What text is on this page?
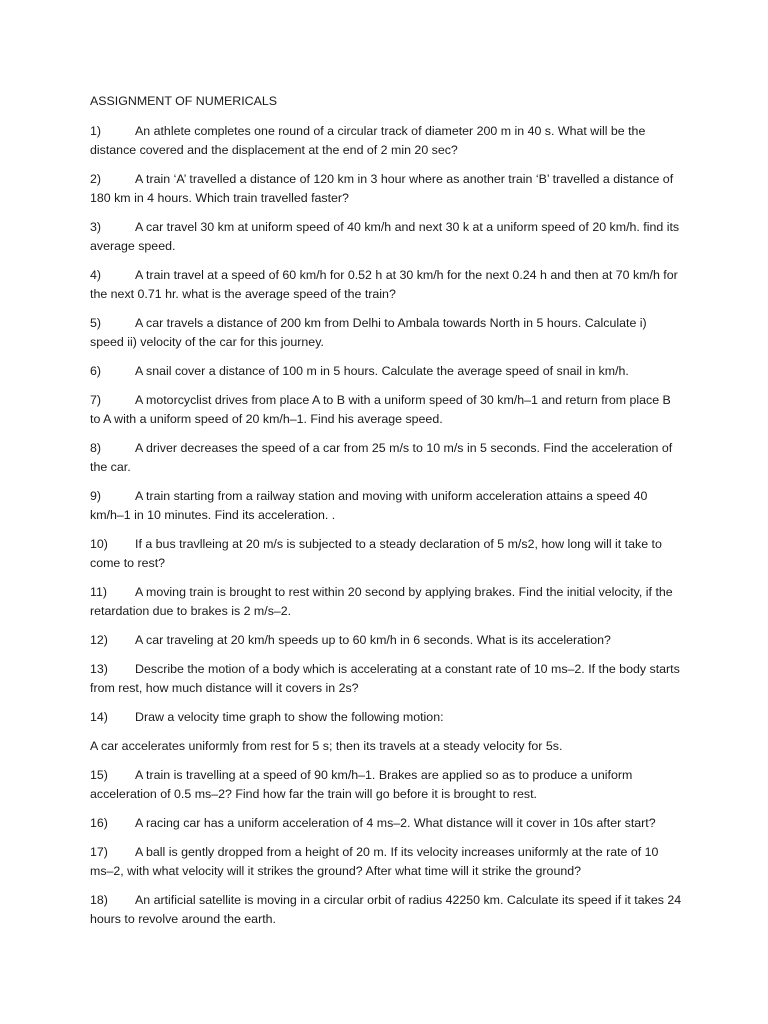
ASSIGNMENT OF NUMERICALS
1)	An athlete completes one round of a circular track of diameter 200 m in 40 s. What will be the distance covered and the displacement at the end of 2 min 20 sec?
2)	A train ‘A’ travelled a distance of 120 km in 3 hour where as another train ‘B’ travelled a distance of 180 km in 4 hours. Which train travelled faster?
3)	A car travel 30 km at uniform speed of 40 km/h and next 30 k at a uniform speed of 20 km/h. find its average speed.
4)	A train travel at a speed of 60 km/h for 0.52 h at 30 km/h for the next 0.24 h and then at 70 km/h for the next 0.71 hr. what is the average speed of the train?
5)	A car travels a distance of 200 km from Delhi to Ambala towards North in 5 hours. Calculate i) speed ii) velocity of the car for this journey.
6)	A snail cover a distance of 100 m in 5 hours. Calculate the average speed of snail in km/h.
7)	A motorcyclist drives from place A to B with a uniform speed of 30 km/h–1 and return from place B to A with a uniform speed of 20 km/h–1. Find his average speed.
8)	A driver decreases the speed of a car from 25 m/s to 10 m/s in 5 seconds. Find the acceleration of the car.
9)	A train starting from a railway station and moving with uniform acceleration attains a speed 40 km/h–1 in 10 minutes. Find its acceleration. .
10) If a bus travlleing at 20 m/s is subjected to a steady declaration of 5 m/s2, how long will it take to come to rest?
11) A moving train is brought to rest within 20 second by applying brakes. Find the initial velocity, if the retardation due to brakes is 2 m/s–2.
12) A car traveling at 20 km/h speeds up to 60 km/h in 6 seconds. What is its acceleration?
13) Describe the motion of a body which is accelerating at a constant rate of 10 ms–2. If the body starts from rest, how much distance will it covers in 2s?
14) Draw a velocity time graph to show the following motion:
A car accelerates uniformly from rest for 5 s; then its travels at a steady velocity for 5s.
15) A train is travelling at a speed of 90 km/h–1. Brakes are applied so as to produce a uniform acceleration of 0.5 ms–2? Find how far the train will go before it is brought to rest.
16) A racing car has a uniform acceleration of 4 ms–2. What distance will it cover in 10s after start?
17) A ball is gently dropped from a height of 20 m. If its velocity increases uniformly at the rate of 10 ms–2, with what velocity will it strikes the ground? After what time will it strike the ground?
18) An artificial satellite is moving in a circular orbit of radius 42250 km. Calculate its speed if it takes 24 hours to revolve around the earth.
